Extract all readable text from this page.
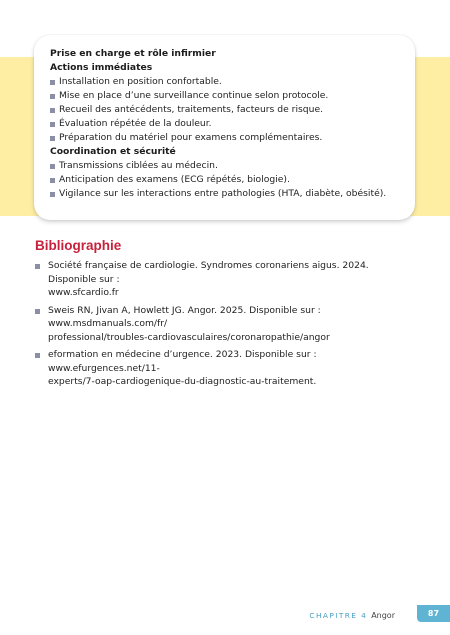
Prise en charge et rôle infirmier
Actions immédiates
Installation en position confortable.
Mise en place d’une surveillance continue selon protocole.
Recueil des antécédents, traitements, facteurs de risque.
Évaluation répétée de la douleur.
Préparation du matériel pour examens complémentaires.
Coordination et sécurité
Transmissions ciblées au médecin.
Anticipation des examens (ECG répétés, biologie).
Vigilance sur les interactions entre pathologies (HTA, diabète, obésité).
Bibliographie
Société française de cardiologie. Syndromes coronariens aigus. 2024. Disponible sur :
www.sfcardio.fr
Sweis RN, Jivan A, Howlett JG. Angor. 2025. Disponible sur : www.msdmanuals.com/fr/
professional/troubles-cardiovasculaires/coronaropathie/angor
eformation en médecine d’urgence. 2023. Disponible sur : www.efurgences.net/11-
experts/7-oap-cardiogenique-du-diagnostic-au-traitement.
CHAPITRE 4 Angor	87
